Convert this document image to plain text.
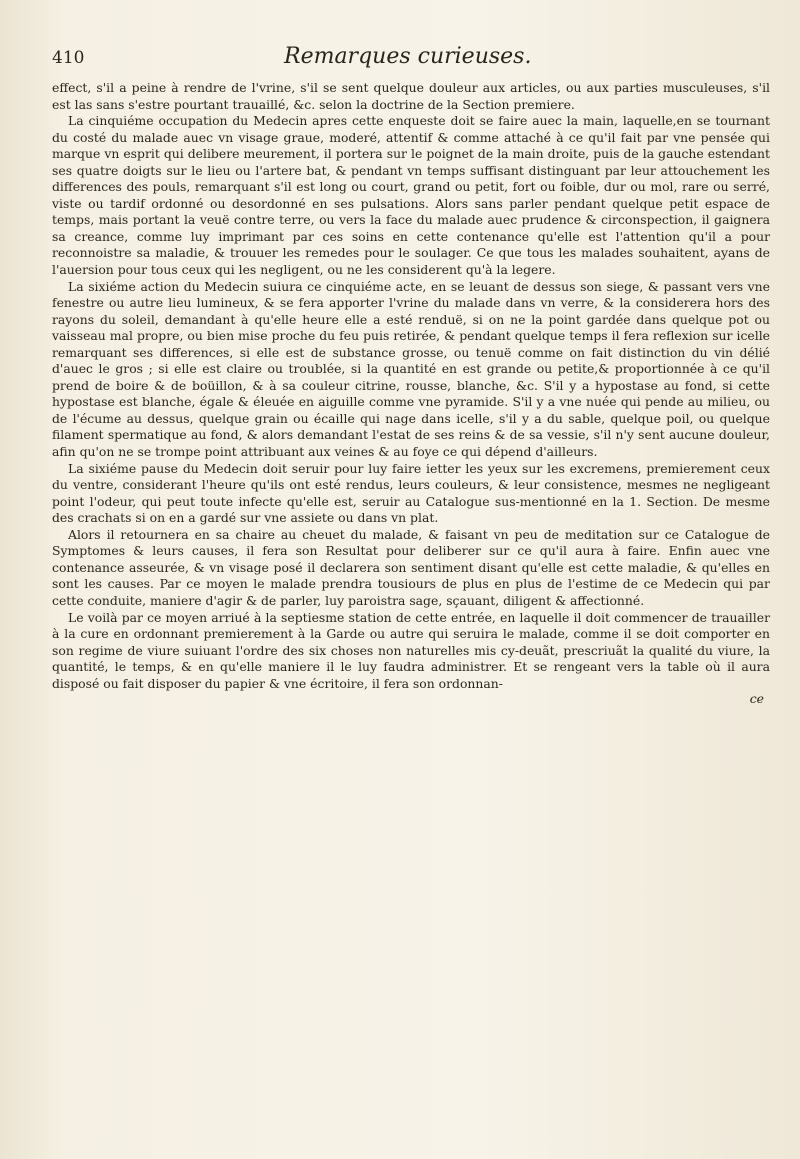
410	Remarques curieuses.

effect, s'il a peine à rendre de l'vrine, s'il se sent quelque douleur aux articles, ou aux parties musculeuses, s'il est las sans s'estre pourtant trauaillé, &c. selon la doctrine de la Section premiere.

La cinquiéme occupation du Medecin apres cette enqueste doit se faire auec la main, laquelle,en se tournant du costé du malade auec vn visage graue, moderé, attentif & comme attaché à ce qu'il fait par vne pensée qui marque vn esprit qui delibere meurement, il portera sur le poignet de la main droite, puis de la gauche estendant ses quatre doigts sur le lieu ou l'artere bat, & pendant vn temps suffisant distinguant par leur attouchement les differences des pouls, remarquant s'il est long ou court, grand ou petit, fort ou foible, dur ou mol, rare ou serré, viste ou tardif ordonné ou desordonné en ses pulsations. Alors sans parler pendant quelque petit espace de temps, mais portant la veuë contre terre, ou vers la face du malade auec prudence & circonspection, il gaignera sa creance, comme luy imprimant par ces soins en cette contenance qu'elle est l'attention qu'il a pour reconnoistre sa maladie, & trouuer les remedes pour le soulager. Ce que tous les malades souhaitent, ayans de l'auersion pour tous ceux qui les negligent, ou ne les considerent qu'à la legere.

La sixiéme action du Medecin suiura ce cinquiéme acte, en se leuant de dessus son siege, & passant vers vne fenestre ou autre lieu lumineux, & se fera apporter l'vrine du malade dans vn verre, & la considerera hors des rayons du soleil, demandant à qu'elle heure elle a esté renduë, si on ne la point gardée dans quelque pot ou vaisseau mal propre, ou bien mise proche du feu puis retirée, & pendant quelque temps il fera reflexion sur icelle remarquant ses differences, si elle est de substance grosse, ou tenuë comme on fait distinction du vin délié d'auec le gros ; si elle est claire ou troublée, si la quantité en est grande ou petite,& proportionnée à ce qu'il prend de boire & de boüillon, & à sa couleur citrine, rousse, blanche, &c. S'il y a hypostase au fond, si cette hypostase est blanche, égale & éleuée en aiguille comme vne pyramide. S'il y a vne nuée qui pende au milieu, ou de l'écume au dessus, quelque grain ou écaille qui nage dans icelle, s'il y a du sable, quelque poil, ou quelque filament spermatique au fond, & alors demandant l'estat de ses reins & de sa vessie, s'il n'y sent aucune douleur, afin qu'on ne se trompe point attribuant aux veines & au foye ce qui dépend d'ailleurs.

La sixiéme pause du Medecin doit seruir pour luy faire ietter les yeux sur les excremens, premierement ceux du ventre, considerant l'heure qu'ils ont esté rendus, leurs couleurs, & leur consistence, mesmes ne negligeant point l'odeur, qui peut toute infecte qu'elle est, seruir au Catalogue sus-mentionné en la 1. Section. De mesme des crachats si on en a gardé sur vne assiete ou dans vn plat.

Alors il retournera en sa chaire au cheuet du malade, & faisant vn peu de meditation sur ce Catalogue de Symptomes & leurs causes, il fera son Resultat pour deliberer sur ce qu'il aura à faire. Enfin auec vne contenance asseurée, & vn visage posé il declarera son sentiment disant qu'elle est cette maladie, & qu'elles en sont les causes. Par ce moyen le malade prendra tousiours de plus en plus de l'estime de ce Medecin qui par cette conduite, maniere d'agir & de parler, luy paroistra sage, sçauant, diligent & affectionné.

Le voilà par ce moyen arriué à la septiesme station de cette entrée, en laquelle il doit commencer de trauailler à la cure en ordonnant premierement à la Garde ou autre qui seruira le malade, comme il se doit comporter en son regime de viure suiuant l'ordre des six choses non naturelles mis cy-deuãt, prescriuãt la qualité du viure, la quantité, le temps, & en qu'elle maniere il le luy faudra administrer. Et se rengeant vers la table où il aura disposé ou fait disposer du papier & vne écritoire, il fera son ordonnan-

ce
